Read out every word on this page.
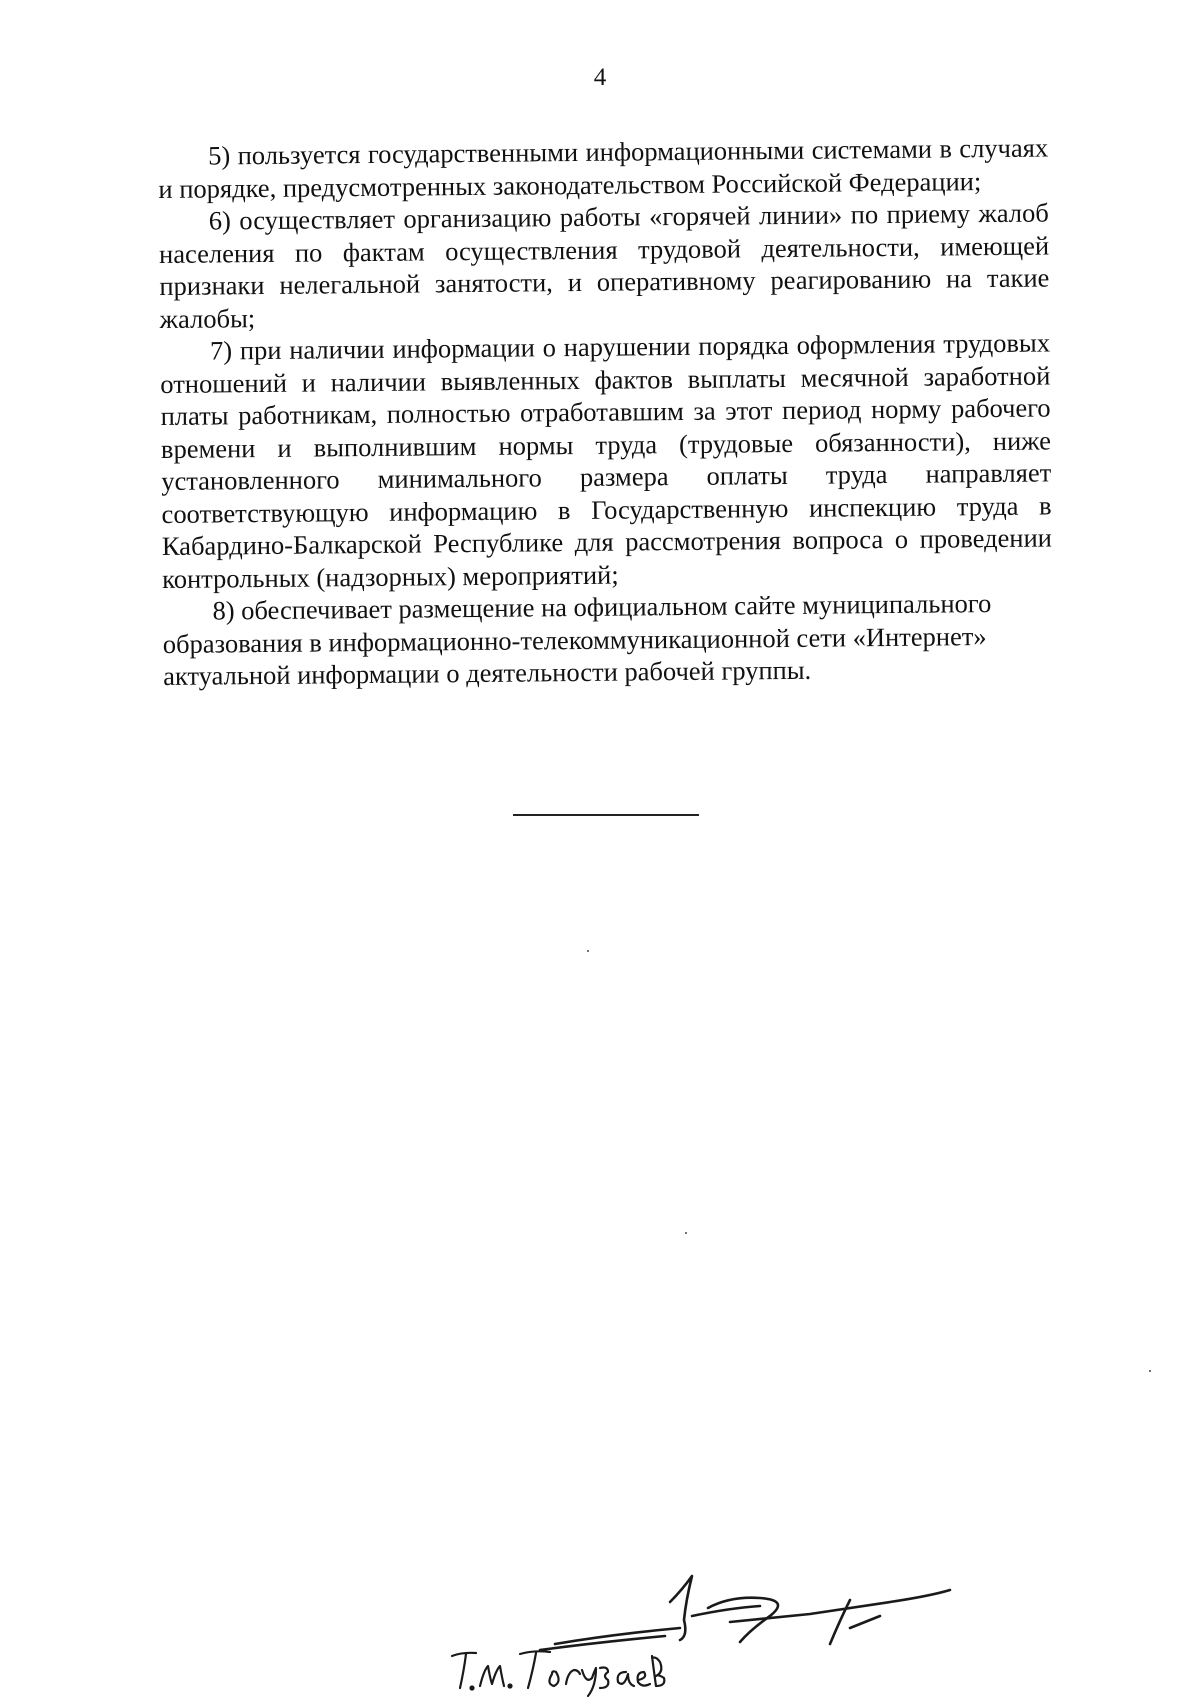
4

5) пользуется государственными информационными системами в случаях и порядке, предусмотренных законодательством Российской Федерации;

6) осуществляет организацию работы «горячей линии» по приему жалоб населения по фактам осуществления трудовой деятельности, имеющей признаки нелегальной занятости, и оперативному реагированию на такие жалобы;

7) при наличии информации о нарушении порядка оформления трудовых отношений и наличии выявленных фактов выплаты месячной заработной платы работникам, полностью отработавшим за этот период норму рабочего времени и выполнившим нормы труда (трудовые обязанности), ниже установленного минимального размера оплаты труда направляет соответствующую информацию в Государственную инспекцию труда в Кабардино-Балкарской Республике для рассмотрения вопроса о проведении контрольных (надзорных) мероприятий;

8) обеспечивает размещение на официальном сайте муниципального образования в информационно-телекоммуникационной сети «Интернет» актуальной информации о деятельности рабочей группы.
